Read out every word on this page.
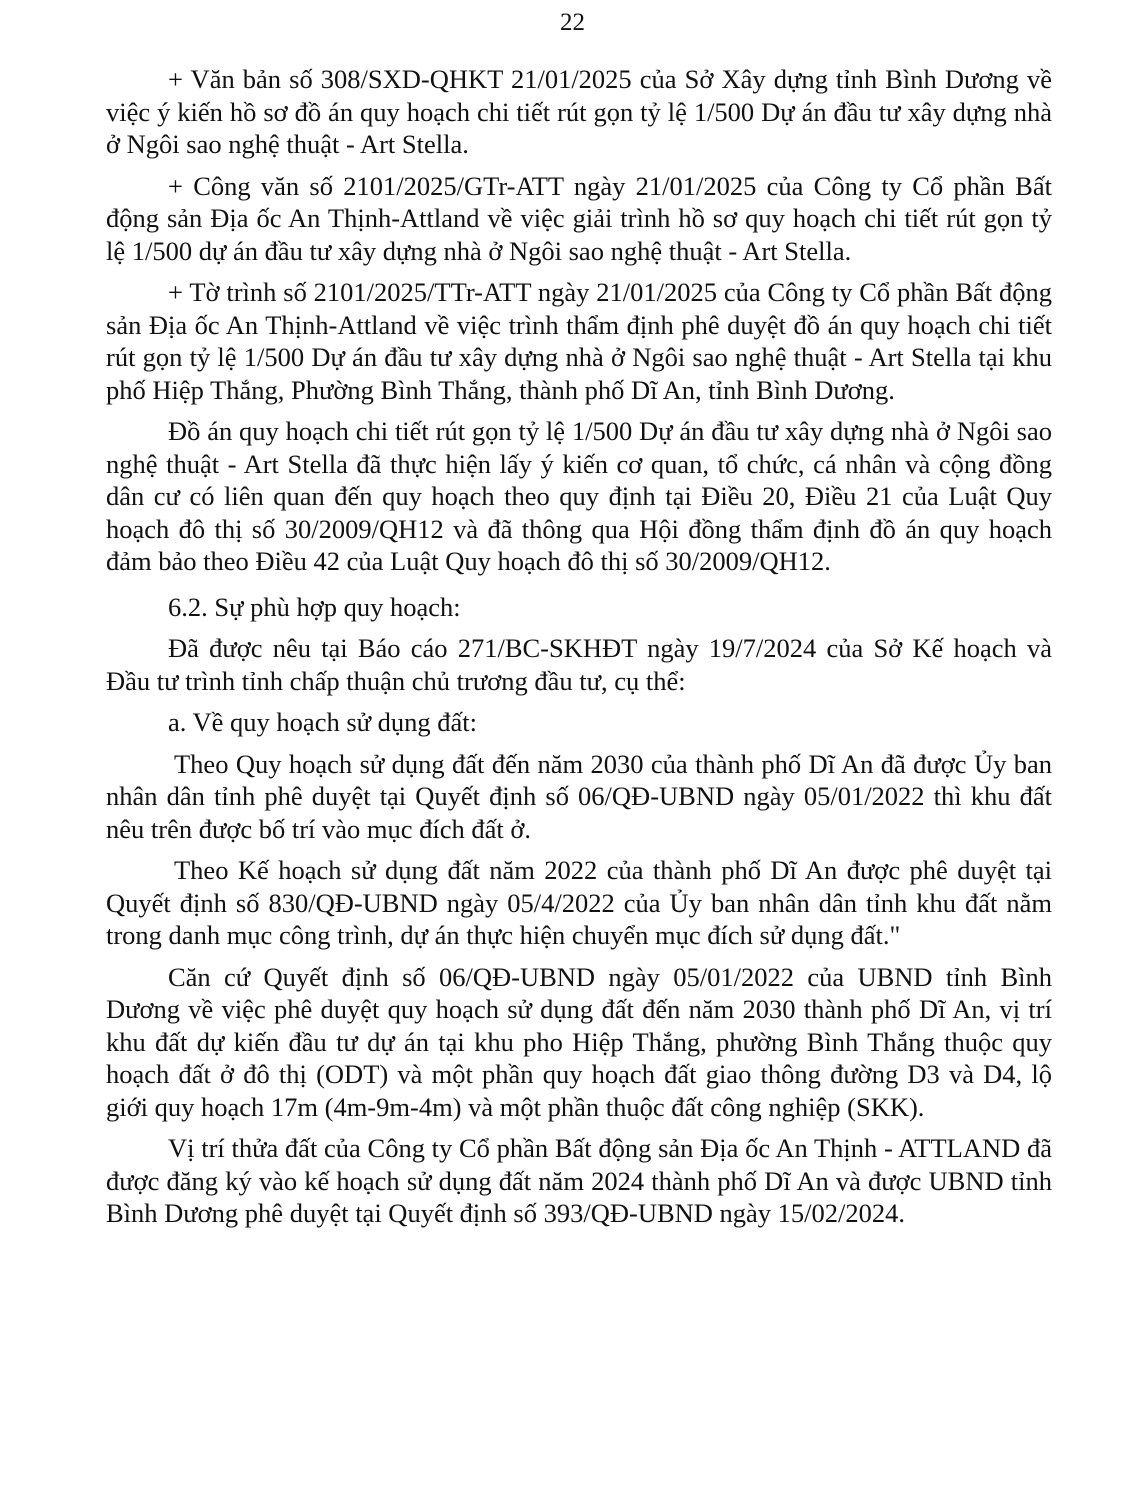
22

+ Văn bản số 308/SXD-QHKT 21/01/2025 của Sở Xây dựng tỉnh Bình Dương về việc ý kiến hồ sơ đồ án quy hoạch chi tiết rút gọn tỷ lệ 1/500 Dự án đầu tư xây dựng nhà ở Ngôi sao nghệ thuật - Art Stella.

+ Công văn số 2101/2025/GTr-ATT ngày 21/01/2025 của Công ty Cổ phần Bất động sản Địa ốc An Thịnh-Attland về việc giải trình hồ sơ quy hoạch chi tiết rút gọn tỷ lệ 1/500 dự án đầu tư xây dựng nhà ở Ngôi sao nghệ thuật - Art Stella.

+ Tờ trình số 2101/2025/TTr-ATT ngày 21/01/2025 của Công ty Cổ phần Bất động sản Địa ốc An Thịnh-Attland về việc trình thẩm định phê duyệt đồ án quy hoạch chi tiết rút gọn tỷ lệ 1/500 Dự án đầu tư xây dựng nhà ở Ngôi sao nghệ thuật - Art Stella tại khu phố Hiệp Thắng, Phường Bình Thắng, thành phố Dĩ An, tỉnh Bình Dương.

Đồ án quy hoạch chi tiết rút gọn tỷ lệ 1/500 Dự án đầu tư xây dựng nhà ở Ngôi sao nghệ thuật - Art Stella đã thực hiện lấy ý kiến cơ quan, tổ chức, cá nhân và cộng đồng dân cư có liên quan đến quy hoạch theo quy định tại Điều 20, Điều 21 của Luật Quy hoạch đô thị số 30/2009/QH12 và đã thông qua Hội đồng thẩm định đồ án quy hoạch đảm bảo theo Điều 42 của Luật Quy hoạch đô thị số 30/2009/QH12.

6.2. Sự phù hợp quy hoạch:

Đã được nêu tại Báo cáo 271/BC-SKHĐT ngày 19/7/2024 của Sở Kế hoạch và Đầu tư trình tỉnh chấp thuận chủ trương đầu tư, cụ thể:

a. Về quy hoạch sử dụng đất:

Theo Quy hoạch sử dụng đất đến năm 2030 của thành phố Dĩ An đã được Ủy ban nhân dân tỉnh phê duyệt tại Quyết định số 06/QĐ-UBND ngày 05/01/2022 thì khu đất nêu trên được bố trí vào mục đích đất ở.

Theo Kế hoạch sử dụng đất năm 2022 của thành phố Dĩ An được phê duyệt tại Quyết định số 830/QĐ-UBND ngày 05/4/2022 của Ủy ban nhân dân tỉnh khu đất nằm trong danh mục công trình, dự án thực hiện chuyển mục đích sử dụng đất."

Căn cứ Quyết định số 06/QĐ-UBND ngày 05/01/2022 của UBND tỉnh Bình Dương về việc phê duyệt quy hoạch sử dụng đất đến năm 2030 thành phố Dĩ An, vị trí khu đất dự kiến đầu tư dự án tại khu pho Hiệp Thắng, phường Bình Thắng thuộc quy hoạch đất ở đô thị (ODT) và một phần quy hoạch đất giao thông đường D3 và D4, lộ giới quy hoạch 17m (4m-9m-4m) và một phần thuộc đất công nghiệp (SKK).

Vị trí thửa đất của Công ty Cổ phần Bất động sản Địa ốc An Thịnh - ATTLAND đã được đăng ký vào kế hoạch sử dụng đất năm 2024 thành phố Dĩ An và được UBND tỉnh Bình Dương phê duyệt tại Quyết định số 393/QĐ-UBND ngày 15/02/2024.
